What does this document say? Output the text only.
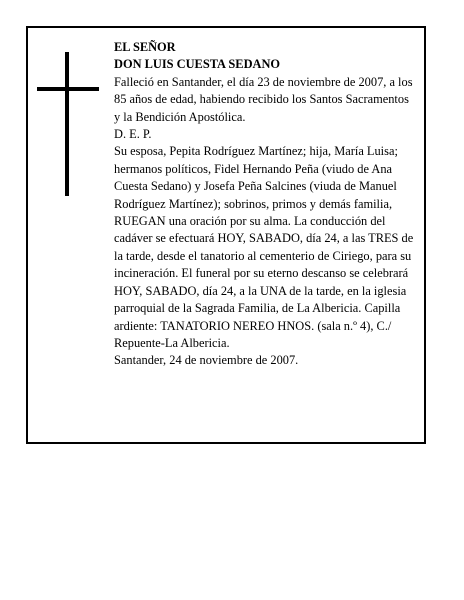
EL SEÑOR

DON LUIS CUESTA SEDANO

Falleció en Santander, el día 23 de noviembre de 2007, a los 85 años de edad, habiendo recibido los Santos Sacramentos y la Bendición Apostólica.

D. E. P.

Su esposa, Pepita Rodríguez Martínez; hija, María Luisa; hermanos políticos, Fidel Hernando Peña (viudo de Ana Cuesta Sedano) y Josefa Peña Salcines (viuda de Manuel Rodríguez Martínez); sobrinos, primos y demás familia,

RUEGAN una oración por su alma. La conducción del cadáver se efectuará HOY, SABADO, día 24, a las TRES de la tarde, desde el tanatorio al cementerio de Ciriego, para su incineración. El funeral por su eterno descanso se celebrará HOY, SABADO, día 24, a la UNA de la tarde, en la iglesia parroquial de la Sagrada Familia, de La Albericia. Capilla ardiente: TANATORIO NEREO HNOS. (sala n.º 4), C./ Repuente-La Albericia.

Santander, 24 de noviembre de 2007.
